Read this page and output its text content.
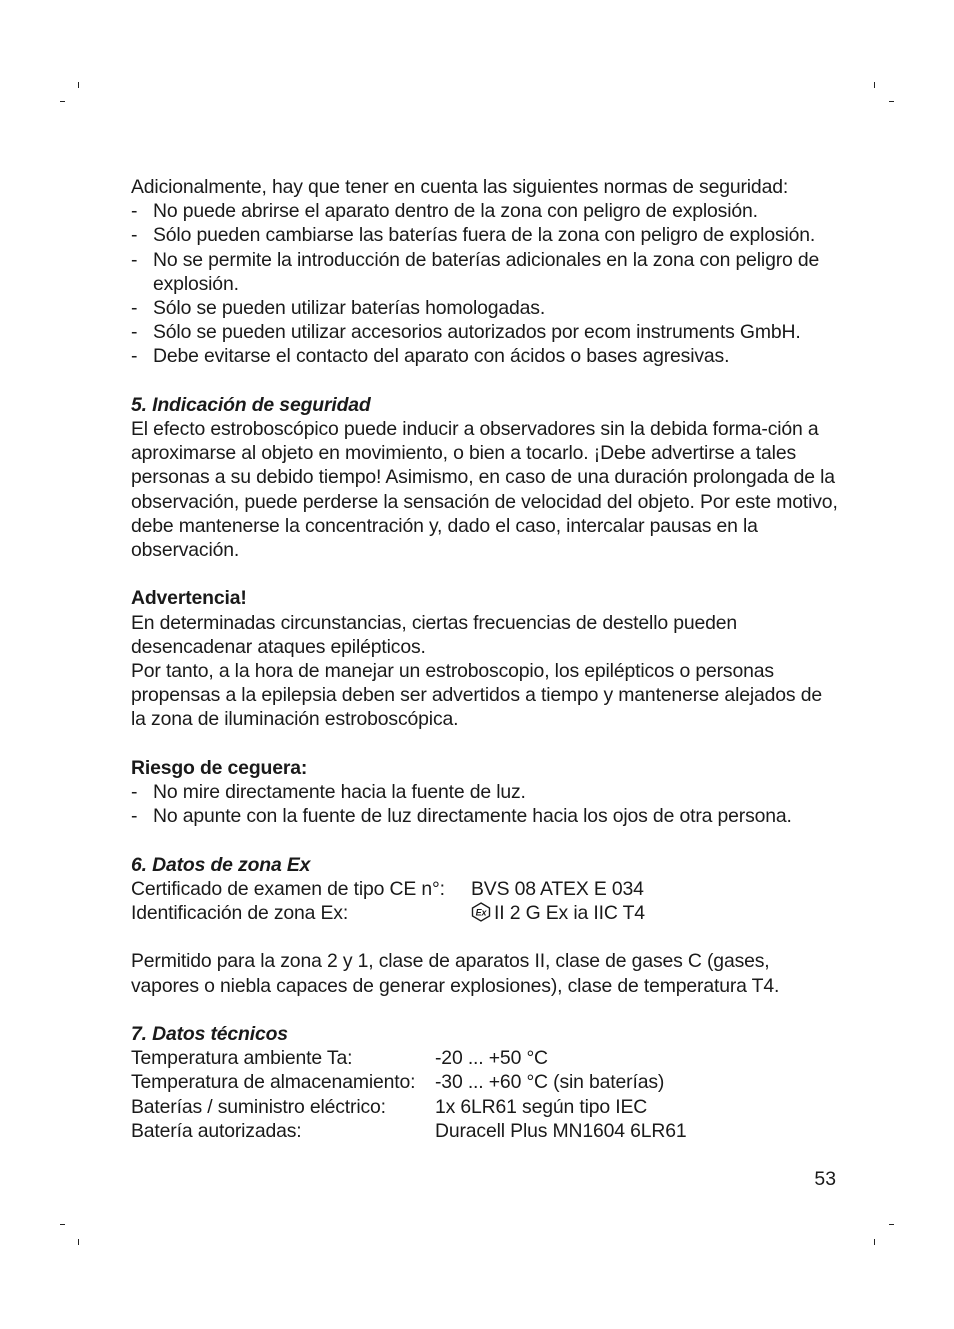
Adicionalmente, hay que tener en cuenta las siguientes normas de seguridad:

- No puede abrirse el aparato dentro de la zona con peligro de explosión.
- Sólo pueden cambiarse las baterías fuera de la zona con peligro de explosión.
- No se permite la introducción de baterías adicionales en la zona con peligro de explosión.
- Sólo se pueden utilizar baterías homologadas.
- Sólo se pueden utilizar accesorios autorizados por ecom instruments GmbH.
- Debe evitarse el contacto del aparato con ácidos o bases agresivas.

5. Indicación de seguridad

El efecto estroboscópico puede inducir a observadores sin la debida forma-ción a aproximarse al objeto en movimiento, o bien a tocarlo. ¡Debe advertirse a tales personas a su debido tiempo! Asimismo, en caso de una duración prolongada de la observación, puede perderse la sensación de velocidad del objeto. Por este motivo, debe mantenerse la concentración y, dado el caso, intercalar pausas en la observación.

Advertencia!

En determinadas circunstancias, ciertas frecuencias de destello pueden desencadenar ataques epilépticos.

Por tanto, a la hora de manejar un estroboscopio, los epilépticos o personas propensas a la epilepsia deben ser advertidos a tiempo y mantenerse alejados de la zona de iluminación estroboscópica.

Riesgo de ceguera:

- No mire directamente hacia la fuente de luz.
- No apunte con la fuente de luz directamente hacia los ojos de otra persona.

6. Datos de zona Ex

Certificado de examen de tipo CE n°:	BVS 08 ATEX E 034
Identificación de zona Ex:	Ex II 2 G Ex ia IIC T4

Permitido para la zona 2 y 1, clase de aparatos II, clase de gases C (gases, vapores o niebla capaces de generar explosiones), clase de temperatura T4.

7. Datos técnicos

Temperatura ambiente Ta:	-20 ... +50 °C
Temperatura de almacenamiento:	-30 ... +60 °C (sin baterías)
Baterías / suministro eléctrico:	1x 6LR61 según tipo IEC
Batería autorizadas:	Duracell Plus MN1604 6LR61
53
